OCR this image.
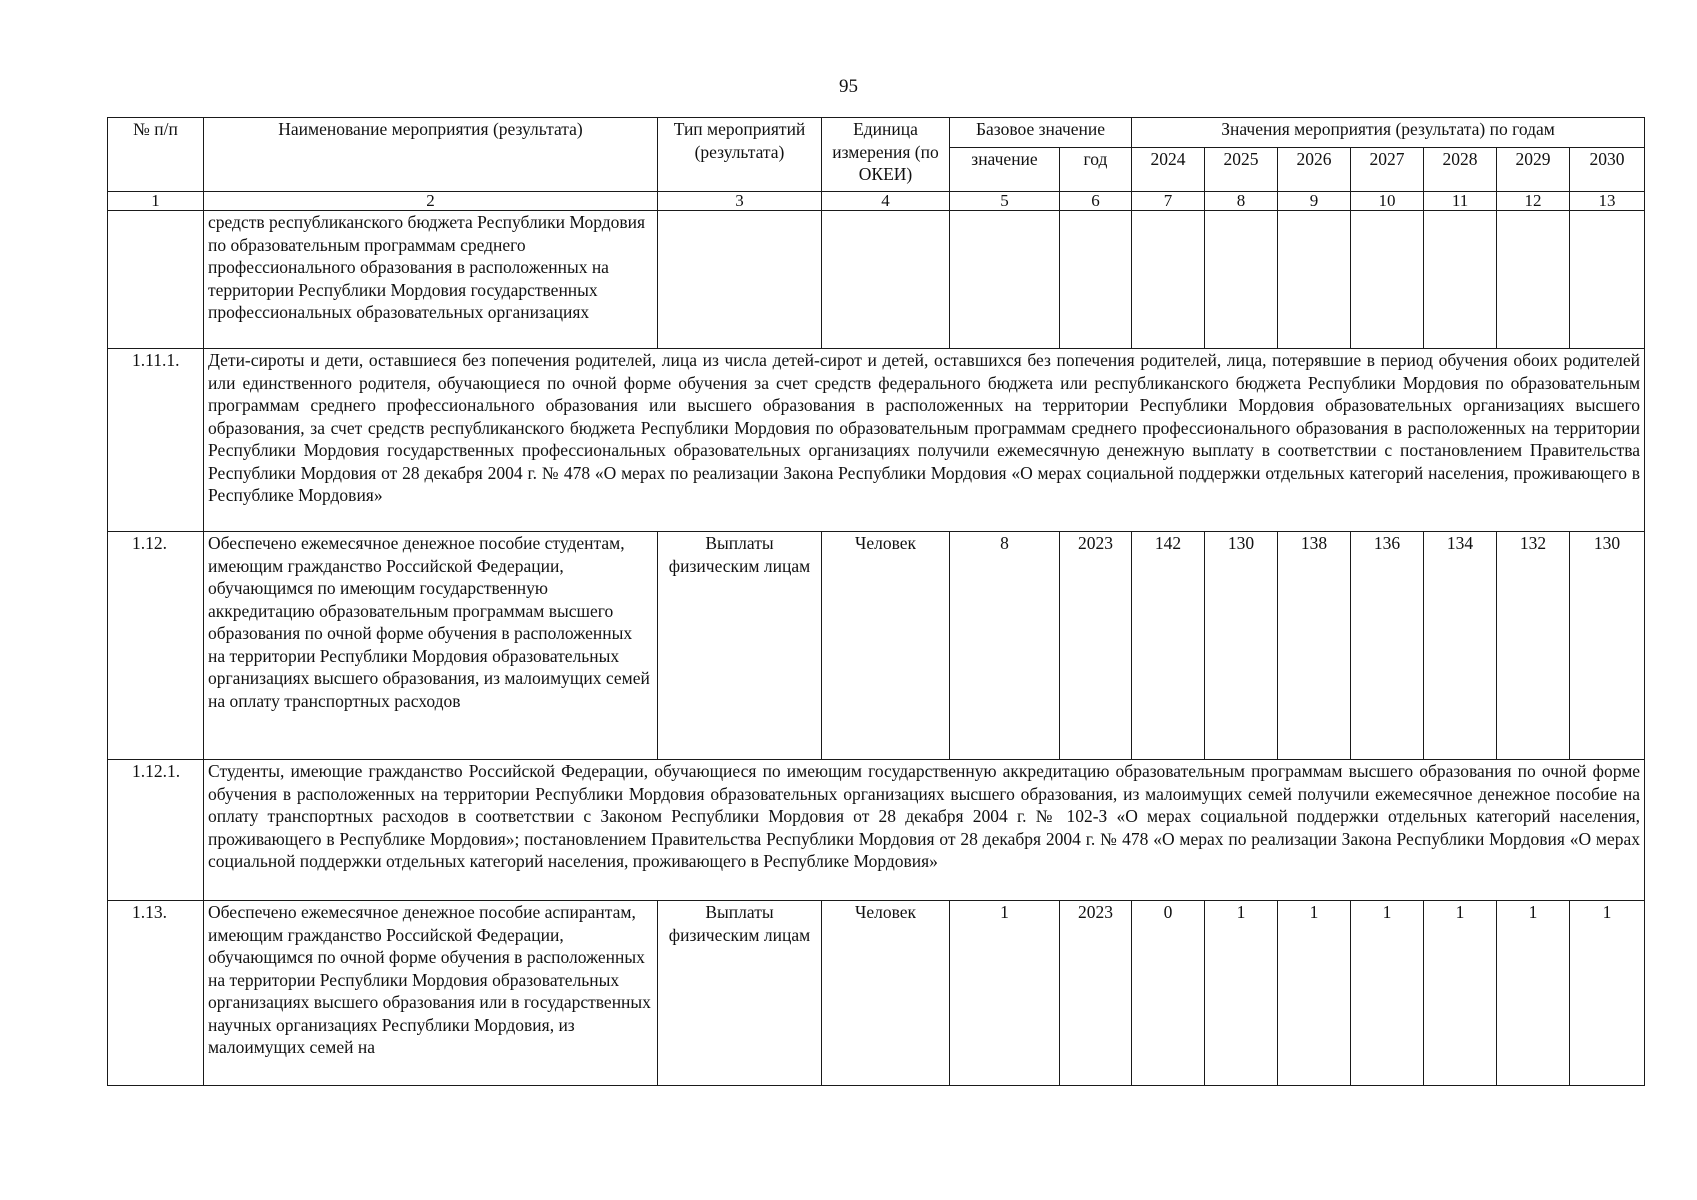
95
№ п/п	Наименование мероприятия (результата)	Тип мероприятий (результата)	Единица измерения (по ОКЕИ)	Базовое значение		Значения мероприятия (результата) по годам						
				значение	год	2024	2025	2026	2027	2028	2029	2030
1	2	3	4	5	6	7	8	9	10	11	12	13
	средств республиканского бюджета Республики Мордовия по образовательным программам среднего профессионального образования в расположенных на территории Республики Мордовия государственных профессиональных образовательных организациях											
1.11.1.	Дети-сироты и дети, оставшиеся без попечения родителей, лица из числа детей-сирот и детей, оставшихся без попечения родителей, лица, потерявшие в период обучения обоих родителей или единственного родителя, обучающиеся по очной форме обучения за счет средств федерального бюджета или республиканского бюджета Республики Мордовия по образовательным программам среднего профессионального образования или высшего образования в расположенных на территории Республики Мордовия образовательных организациях высшего образования, за счет средств республиканского бюджета Республики Мордовия по образовательным программам среднего профессионального образования в расположенных на территории Республики Мордовия государственных профессиональных образовательных организациях получили ежемесячную денежную выплату в соответствии с постановлением Правительства Республики Мордовия от 28 декабря 2004 г. № 478 «О мерах по реализации Закона Республики Мордовия «О мерах социальной поддержки отдельных категорий населения, проживающего в Республике Мордовия»											
1.12.	Обеспечено ежемесячное денежное пособие студентам, имеющим гражданство Российской Федерации, обучающимся по имеющим государственную аккредитацию образовательным программам высшего образования по очной форме обучения в расположенных на территории Республики Мордовия образовательных организациях высшего образования, из малоимущих семей на оплату транспортных расходов	Выплаты физическим лицам	Человек	8	2023	142	130	138	136	134	132	130
1.12.1.	Студенты, имеющие гражданство Российской Федерации, обучающиеся по имеющим государственную аккредитацию образовательным программам высшего образования по очной форме обучения в расположенных на территории Республики Мордовия образовательных организациях высшего образования, из малоимущих семей получили ежемесячное денежное пособие на оплату транспортных расходов в соответствии с Законом Республики Мордовия от 28 декабря 2004 г. № 102-З «О мерах социальной поддержки отдельных категорий населения, проживающего в Республике Мордовия»; постановлением Правительства Республики Мордовия от 28 декабря 2004 г. № 478 «О мерах по реализации Закона Республики Мордовия «О мерах социальной поддержки отдельных категорий населения, проживающего в Республике Мордовия»											
1.13.	Обеспечено ежемесячное денежное пособие аспирантам, имеющим гражданство Российской Федерации, обучающимся по очной форме обучения в расположенных на территории Республики Мордовия образовательных организациях высшего образования или в государственных научных организациях Республики Мордовия, из малоимущих семей на	Выплаты физическим лицам	Человек	1	2023	0	1	1	1	1	1	1
